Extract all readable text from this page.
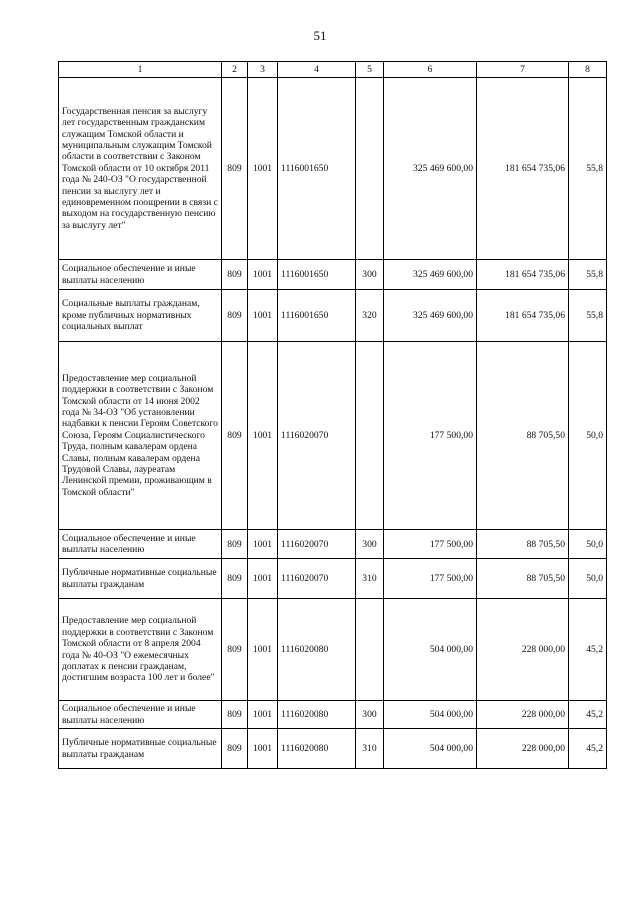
51
1	2	3	4	5	6	7	8
Государственная пенсия за выслугу лет государственным гражданским служащим Томской области и муниципальным служащим Томской области в соответствии с Законом Томской области от 10 октября 2011 года № 240-ОЗ "О государственной пенсии за выслугу лет и единовременном поощрении в связи с выходом на государственную пенсию за выслугу лет"	809	1001	1116001650		325 469 600,00	181 654 735,06	55,8
Социальное обеспечение и иные выплаты населению	809	1001	1116001650	300	325 469 600,00	181 654 735,06	55,8
Социальные выплаты гражданам, кроме публичных нормативных социальных выплат	809	1001	1116001650	320	325 469 600,00	181 654 735,06	55,8
Предоставление мер социальной поддержки в соответствии с Законом Томской области от 14 июня 2002 года № 34-ОЗ "Об установлении надбавки к пенсии Героям Советского Союза, Героям Социалистического Труда, полным кавалерам ордена Славы, полным кавалерам ордена Трудовой Славы, лауреатам Ленинской премии, проживающим в Томской области"	809	1001	1116020070		177 500,00	88 705,50	50,0
Социальное обеспечение и иные выплаты населению	809	1001	1116020070	300	177 500,00	88 705,50	50,0
Публичные нормативные социальные выплаты гражданам	809	1001	1116020070	310	177 500,00	88 705,50	50,0
Предоставление мер социальной поддержки в соответствии с Законом Томской области от 8 апреля 2004 года № 40-ОЗ "О ежемесячных доплатах к пенсии гражданам, достигшим возраста 100 лет и более"	809	1001	1116020080		504 000,00	228 000,00	45,2
Социальное обеспечение и иные выплаты населению	809	1001	1116020080	300	504 000,00	228 000,00	45,2
Публичные нормативные социальные выплаты гражданам	809	1001	1116020080	310	504 000,00	228 000,00	45,2
